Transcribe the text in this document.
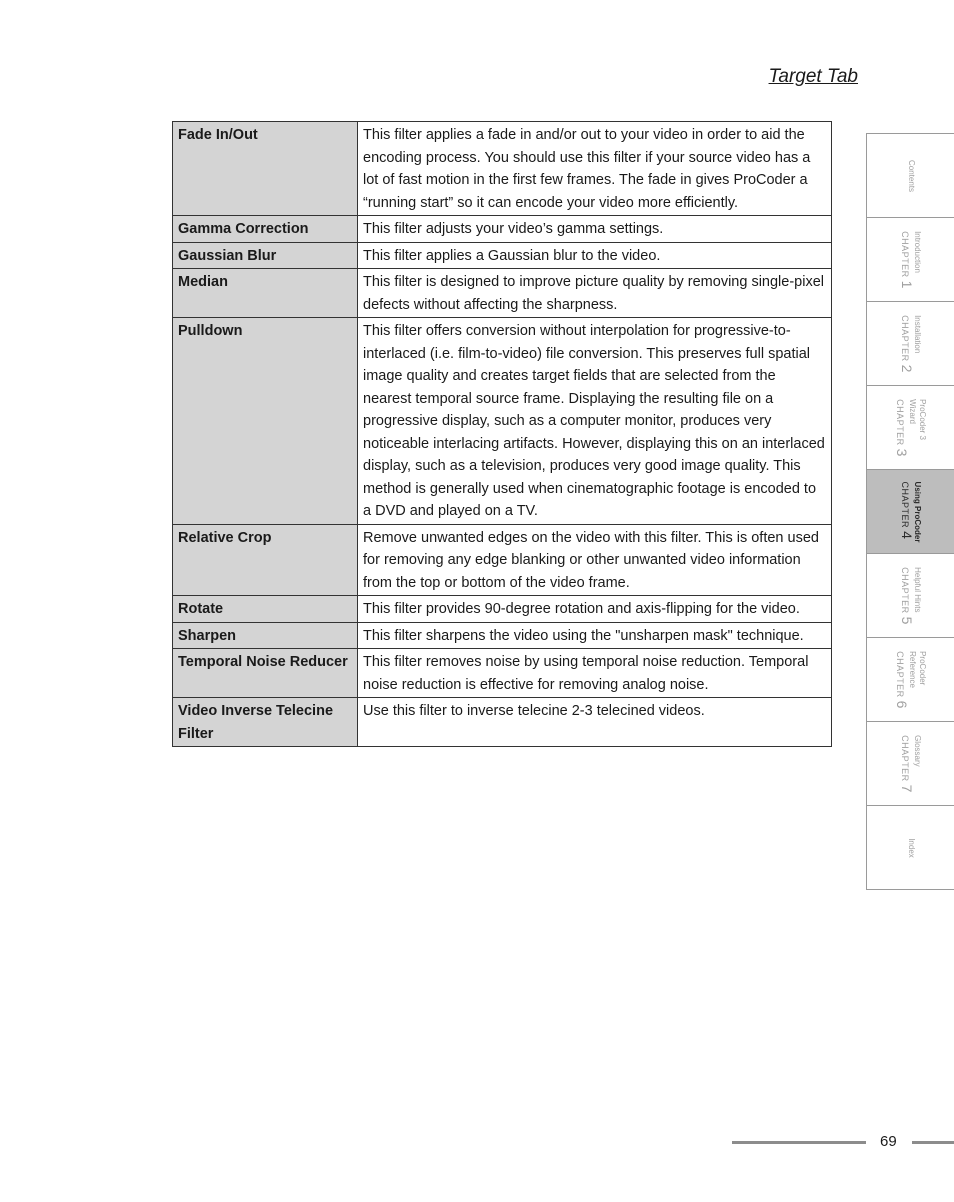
Target Tab
Fade In/Out	This filter applies a fade in and/or out to your video in order to aid the encoding process. You should use this filter if your source video has a lot of fast motion in the first few frames. The fade in gives ProCoder a “running start” so it can encode your video more efficiently.
Gamma Correction	This filter adjusts your video’s gamma settings.
Gaussian Blur	This filter applies a Gaussian blur to the video.
Median	This filter is designed to improve picture quality by removing single-pixel defects without affecting the sharpness.
Pulldown	This filter offers conversion without interpolation for progressive-to-interlaced (i.e. film-to-video) file conversion. This preserves full spatial image quality and creates target fields that are selected from the nearest temporal source frame. Displaying the resulting file on a progressive display, such as a computer monitor, produces very noticeable interlacing artifacts. However, displaying this on an interlaced display, such as a television, produces very good image quality. This method is generally used when cinematographic footage is encoded to a DVD and played on a TV.
Relative Crop	Remove unwanted edges on the video with this filter. This is often used for removing any edge blanking or other unwanted video information from the top or bottom of the video frame.
Rotate	This filter provides 90-degree rotation and axis-flipping for the video.
Sharpen	This filter sharpens the video using the "unsharpen mask" technique.
Temporal Noise Reducer	This filter removes noise by using temporal noise reduction. Temporal noise reduction is effective for removing analog noise.
Video Inverse Telecine Filter	Use this filter to inverse telecine 2-3 telecined videos.
Contents
CHAPTER 1
Introduction
CHAPTER 2
Installation
CHAPTER 3
ProCoder 3
Wizard
CHAPTER 4
Using ProCoder
CHAPTER 5
Helpful Hints
CHAPTER 6
ProCoder
Reference
CHAPTER 7
Glossary
Index
69
